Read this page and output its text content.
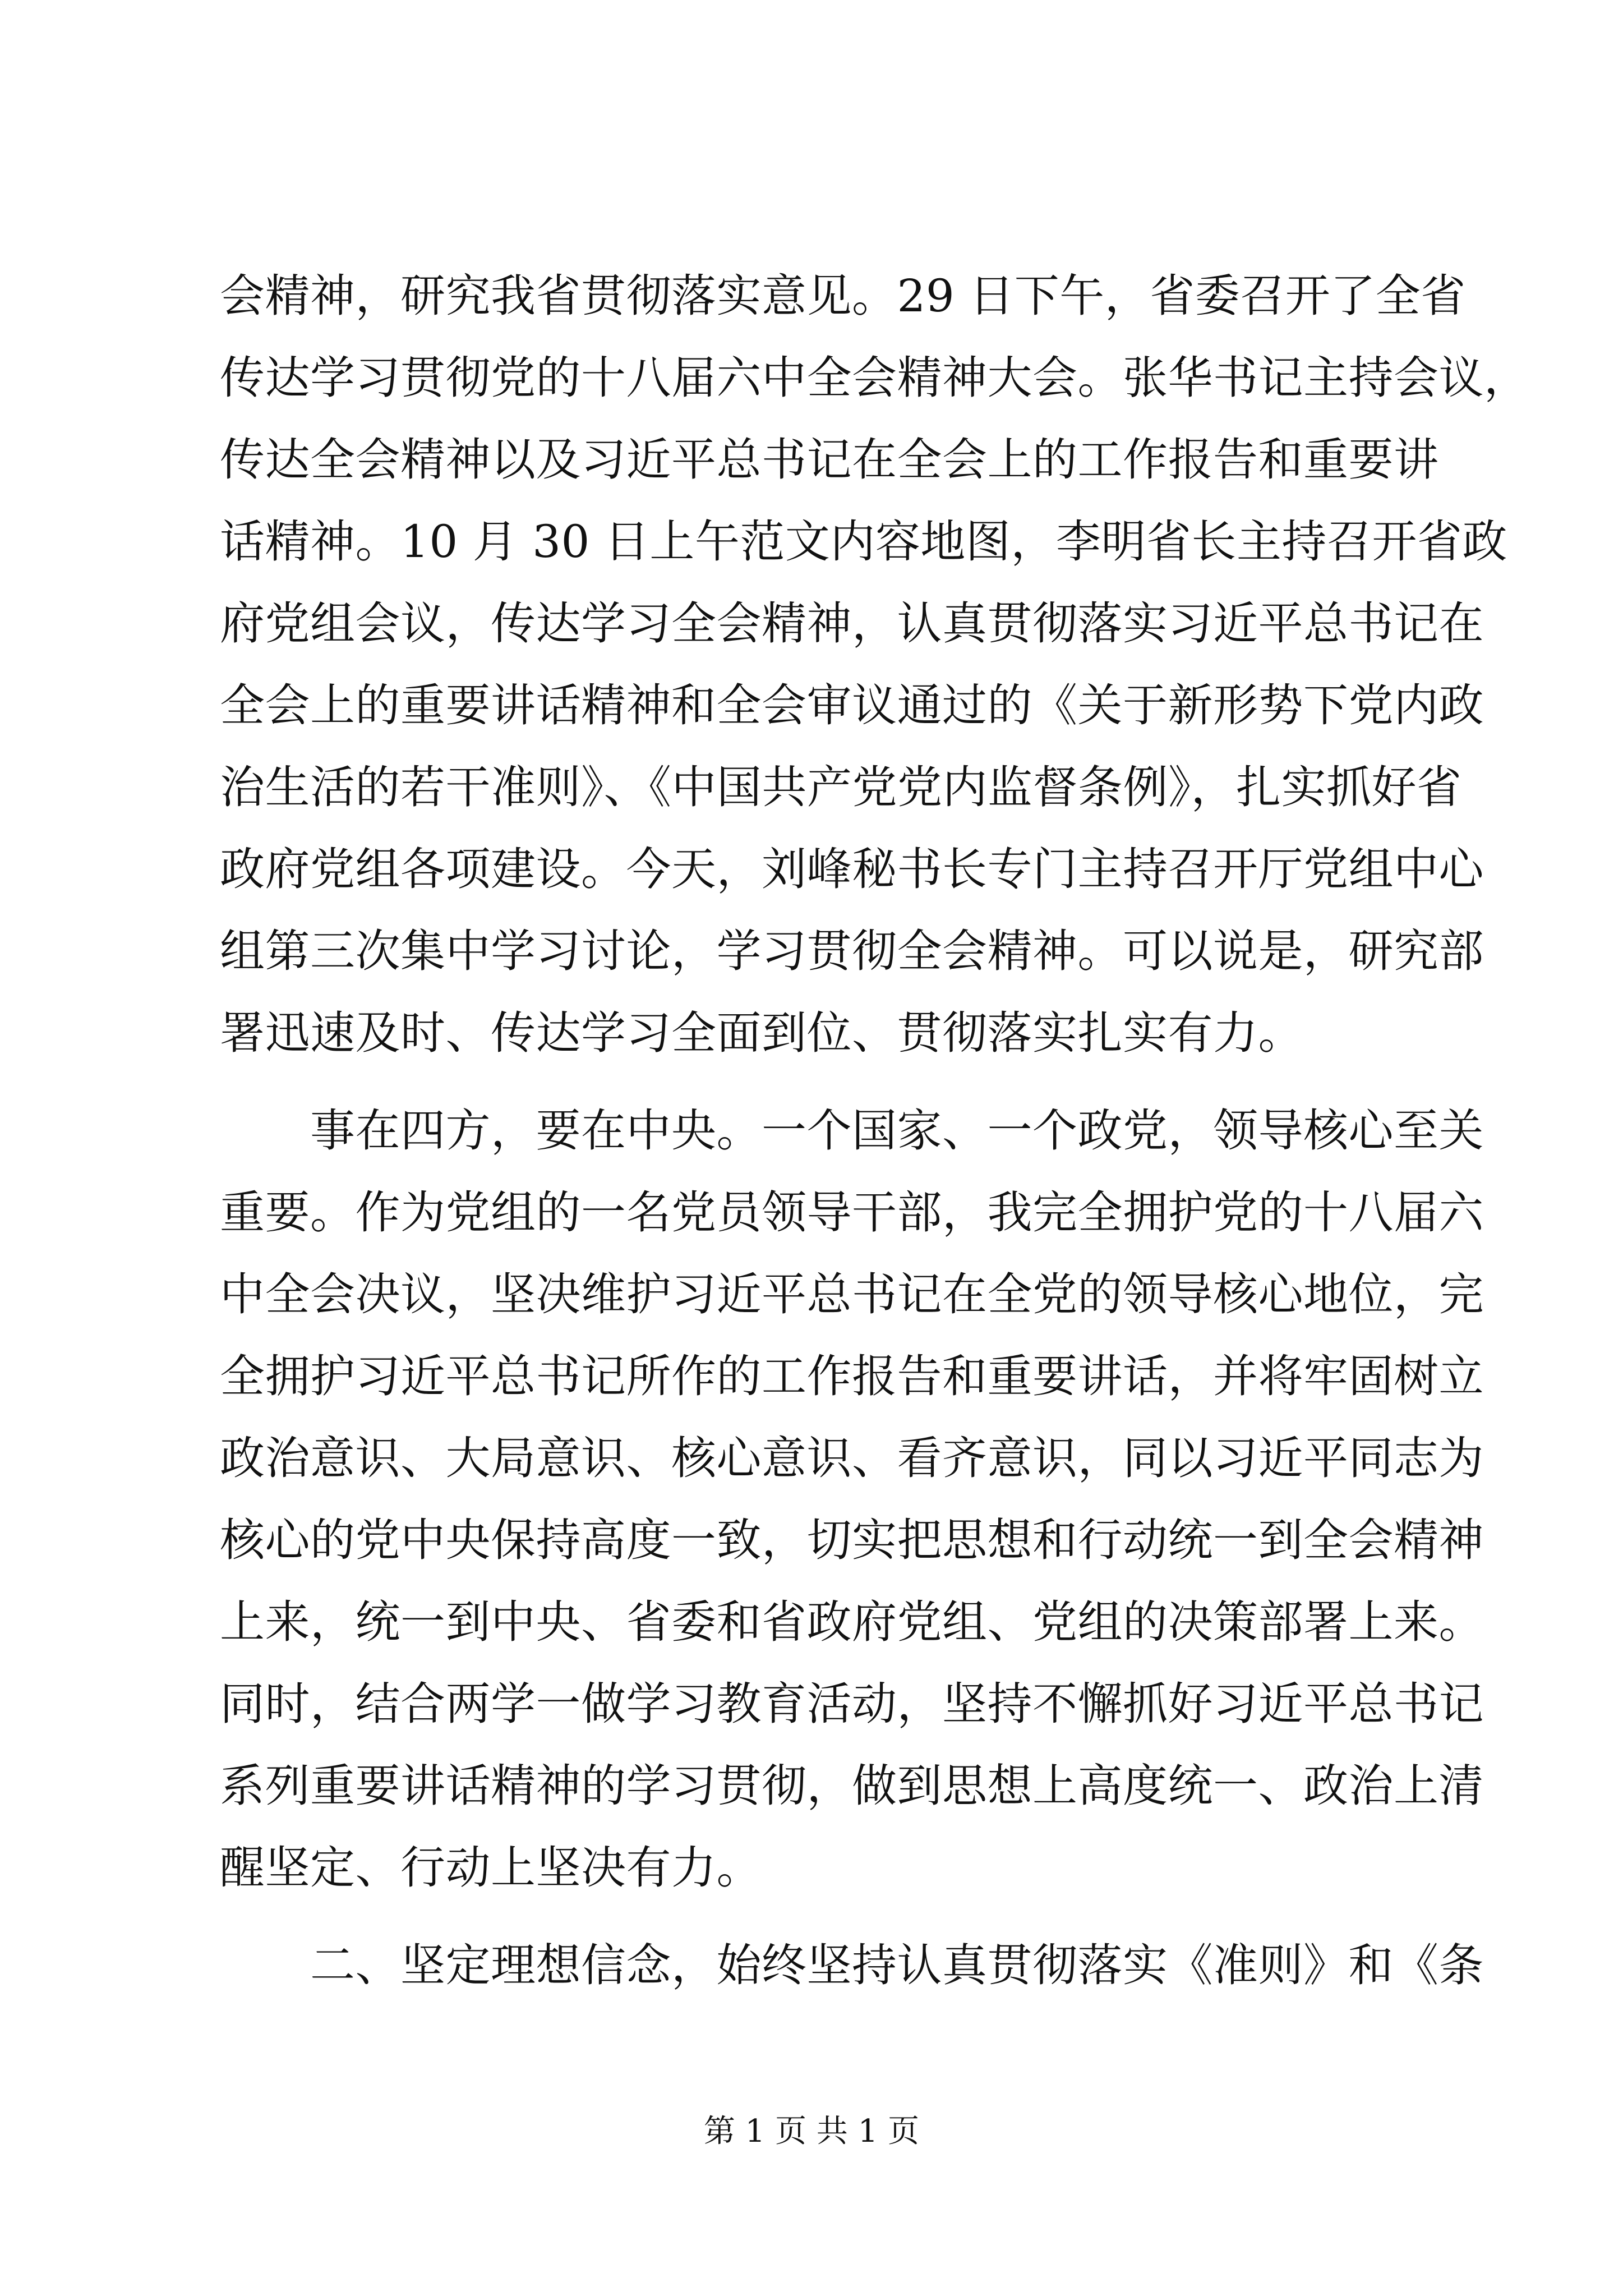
会精神，研究我省贯彻落实意见。29 日下午，省委召开了全省
传达学习贯彻党的十八届六中全会精神大会。张华书记主持会议，
传达全会精神以及习近平总书记在全会上的工作报告和重要讲
话精神。10 月 30 日上午范文内容地图，李明省长主持召开省政
府党组会议，传达学习全会精神，认真贯彻落实习近平总书记在
全会上的重要讲话精神和全会审议通过的《关于新形势下党内政
治生活的若干准则》、《中国共产党党内监督条例》，扎实抓好省
政府党组各项建设。今天，刘峰秘书长专门主持召开厅党组中心
组第三次集中学习讨论，学习贯彻全会精神。可以说是，研究部
署迅速及时、传达学习全面到位、贯彻落实扎实有力。
　　事在四方，要在中央。一个国家、一个政党，领导核心至关
重要。作为党组的一名党员领导干部，我完全拥护党的十八届六
中全会决议，坚决维护习近平总书记在全党的领导核心地位，完
全拥护习近平总书记所作的工作报告和重要讲话，并将牢固树立
政治意识、大局意识、核心意识、看齐意识，同以习近平同志为
核心的党中央保持高度一致，切实把思想和行动统一到全会精神
上来，统一到中央、省委和省政府党组、党组的决策部署上来。
同时，结合两学一做学习教育活动，坚持不懈抓好习近平总书记
系列重要讲话精神的学习贯彻，做到思想上高度统一、政治上清
醒坚定、行动上坚决有力。
　　二、坚定理想信念，始终坚持认真贯彻落实《准则》和《条
第 1 页 共 1 页
